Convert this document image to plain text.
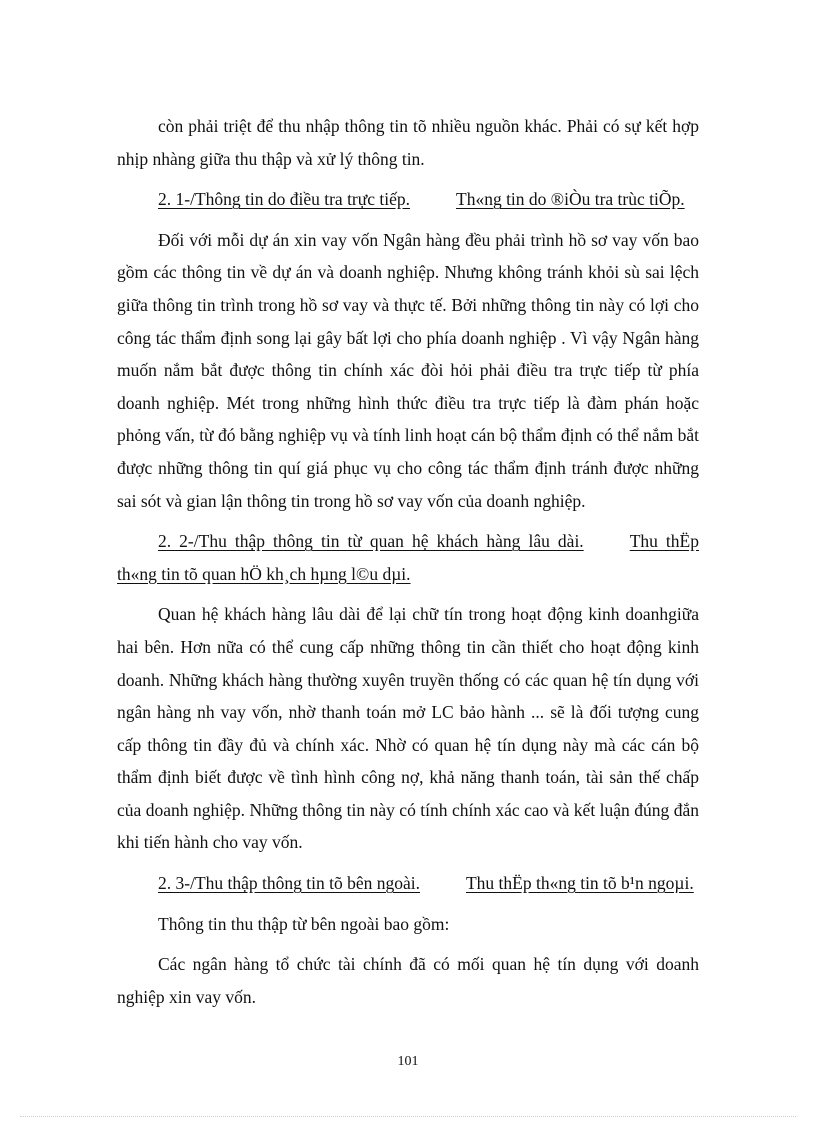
còn phải triệt để thu nhập thông tin tõ nhiều nguồn khác. Phải có sự kết hợp nhịp nhàng giữa thu thập và xử lý thông tin.

2. 1-/Thông tin do điều tra trực tiếp.	Th«ng tin do ®iÒu tra trùc tiÕp.

Đối với mỗi dự án xin vay vốn Ngân hàng đều phải trình hồ sơ vay vốn bao gồm các thông tin về dự án và doanh nghiệp. Nhưng không tránh khỏi sù sai lệch giữa thông tin trình trong hồ sơ vay và thực tế. Bởi những thông tin này có lợi cho công tác thẩm định song lại gây bất lợi cho phía doanh nghiệp . Vì vậy Ngân hàng muốn nắm bắt được thông tin chính xác đòi hỏi phải điều tra trực tiếp từ phía doanh nghiệp. Mét trong những hình thức điều tra trực tiếp là đàm phán hoặc phỏng vấn, từ đó bằng nghiệp vụ và tính linh hoạt cán bộ thẩm định có thể nắm bắt được những thông tin quí giá phục vụ cho công tác thẩm định tránh được những sai sót và gian lận thông tin trong hồ sơ vay vốn của doanh nghiệp.

2. 2-/Thu thập thông tin từ quan hệ khách hàng lâu dài.	Thu thËp th«ng tin tõ quan hÖ kh¸ch hµng l©u dµi.

Quan hệ khách hàng lâu dài để lại chữ tín trong hoạt động kinh doanhgiữa hai bên. Hơn nữa có thể cung cấp những thông tin cần thiết cho hoạt động kinh doanh. Những khách hàng thường xuyên truyền thống có các quan hệ tín dụng với ngân hàng nh vay vốn, nhờ thanh toán mở LC bảo hành ... sẽ là đối tượng cung cấp thông tin đầy đủ và chính xác. Nhờ có quan hệ tín dụng này mà các cán bộ thẩm định biết được về tình hình công nợ, khả năng thanh toán, tài sản thế chấp của doanh nghiệp. Những thông tin này có tính chính xác cao và kết luận đúng đắn khi tiến hành cho vay vốn.

2. 3-/Thu thập thông tin tõ bên ngoài.	Thu thËp th«ng tin tõ b¹n ngoµi.

Thông tin thu thập từ bên ngoài bao gồm:

Các ngân hàng tổ chức tài chính đã có mối quan hệ tín dụng với doanh nghiệp xin vay vốn.

101
